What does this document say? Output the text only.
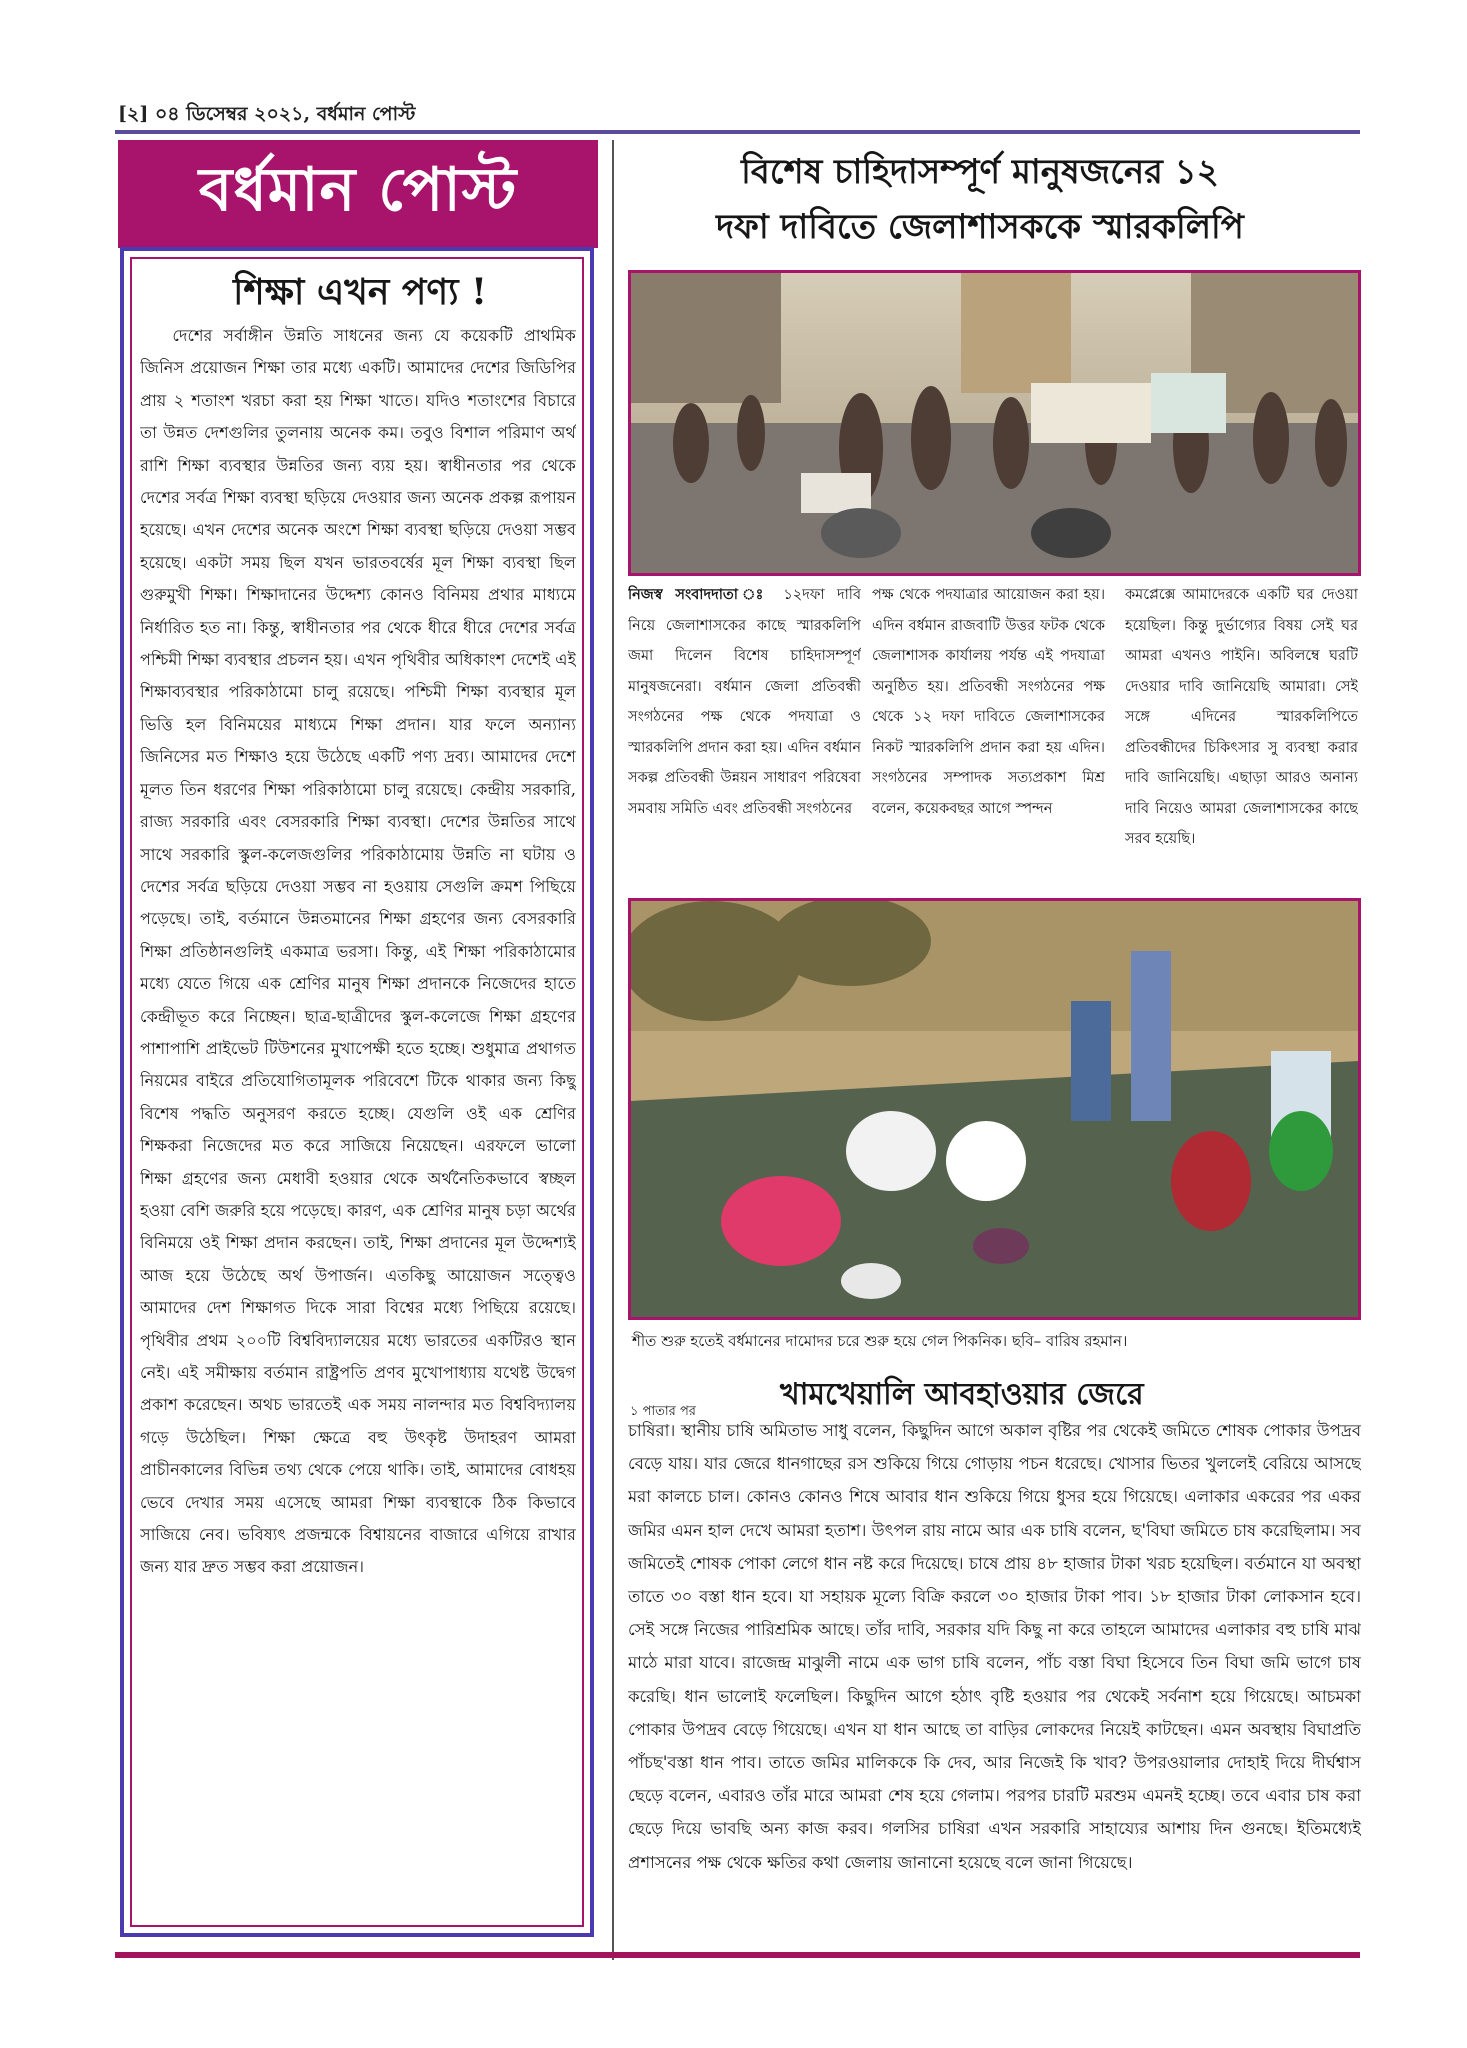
[২] ০৪ ডিসেম্বর ২০২১, বর্ধমান পোস্ট
বর্ধমান পোস্ট
শিক্ষা এখন পণ্য !
দেশের সর্বাঙ্গীন উন্নতি সাধনের জন্য যে কয়েকটি প্রাথমিক জিনিস প্রয়োজন শিক্ষা তার মধ্যে একটি। আমাদের দেশের জিডিপির প্রায় ২ শতাংশ খরচা করা হয় শিক্ষা খাতে। যদিও শতাংশের বিচারে তা উন্নত দেশগুলির তুলনায় অনেক কম। তবুও বিশাল পরিমাণ অর্থ রাশি শিক্ষা ব্যবস্থার উন্নতির জন্য ব্যয় হয়। স্বাধীনতার পর থেকে দেশের সর্বত্র শিক্ষা ব্যবস্থা ছড়িয়ে দেওয়ার জন্য অনেক প্রকল্প রূপায়ন হয়েছে। এখন দেশের অনেক অংশে শিক্ষা ব্যবস্থা ছড়িয়ে দেওয়া সম্ভব হয়েছে। একটা সময় ছিল যখন ভারতবর্ষের মূল শিক্ষা ব্যবস্থা ছিল গুরুমুখী শিক্ষা। শিক্ষাদানের উদ্দেশ্য কোনও বিনিময় প্রথার মাধ্যমে নির্ধারিত হত না। কিন্তু, স্বাধীনতার পর থেকে ধীরে ধীরে দেশের সর্বত্র পশ্চিমী শিক্ষা ব্যবস্থার প্রচলন হয়। এখন পৃথিবীর অধিকাংশ দেশেই এই শিক্ষাব্যবস্থার পরিকাঠামো চালু রয়েছে। পশ্চিমী শিক্ষা ব্যবস্থার মূল ভিত্তি হল বিনিময়ের মাধ্যমে শিক্ষা প্রদান। যার ফলে অন্যান্য জিনিসের মত শিক্ষাও হয়ে উঠেছে একটি পণ্য দ্রব্য। আমাদের দেশে মূলত তিন ধরণের শিক্ষা পরিকাঠামো চালু রয়েছে। কেন্দ্রীয় সরকারি, রাজ্য সরকারি এবং বেসরকারি শিক্ষা ব্যবস্থা। দেশের উন্নতির সাথে সাথে সরকারি স্কুল-কলেজগুলির পরিকাঠামোয় উন্নতি না ঘটায় ও দেশের সর্বত্র ছড়িয়ে দেওয়া সম্ভব না হওয়ায় সেগুলি ক্রমশ পিছিয়ে পড়েছে। তাই, বর্তমানে উন্নতমানের শিক্ষা গ্রহণের জন্য বেসরকারি শিক্ষা প্রতিষ্ঠানগুলিই একমাত্র ভরসা। কিন্তু, এই শিক্ষা পরিকাঠামোর মধ্যে যেতে গিয়ে এক শ্রেণির মানুষ শিক্ষা প্রদানকে নিজেদের হাতে কেন্দ্রীভূত করে নিচ্ছেন। ছাত্র-ছাত্রীদের স্কুল-কলেজে শিক্ষা গ্রহণের পাশাপাশি প্রাইভেট টিউশনের মুখাপেক্ষী হতে হচ্ছে। শুধুমাত্র প্রথাগত নিয়মের বাইরে প্রতিযোগিতামূলক পরিবেশে টিকে থাকার জন্য কিছু বিশেষ পদ্ধতি অনুসরণ করতে হচ্ছে। যেগুলি ওই এক শ্রেণির শিক্ষকরা নিজেদের মত করে সাজিয়ে নিয়েছেন। এরফলে ভালো শিক্ষা গ্রহণের জন্য মেধাবী হওয়ার থেকে অর্থনৈতিকভাবে স্বচ্ছল হওয়া বেশি জরুরি হয়ে পড়েছে। কারণ, এক শ্রেণির মানুষ চড়া অর্থের বিনিময়ে ওই শিক্ষা প্রদান করছেন। তাই, শিক্ষা প্রদানের মূল উদ্দেশ্যই আজ হয়ে উঠেছে অর্থ উপার্জন। এতকিছু আয়োজন সত্ত্বেও আমাদের দেশ শিক্ষাগত দিকে সারা বিশ্বের মধ্যে পিছিয়ে রয়েছে। পৃথিবীর প্রথম ২০০টি বিশ্ববিদ্যালয়ের মধ্যে ভারতের একটিরও স্থান নেই। এই সমীক্ষায় বর্তমান রাষ্ট্রপতি প্রণব মুখোপাধ্যায় যথেষ্ট উদ্বেগ প্রকাশ করেছেন। অথচ ভারতেই এক সময় নালন্দার মত বিশ্ববিদ্যালয় গড়ে উঠেছিল। শিক্ষা ক্ষেত্রে বহু উৎকৃষ্ট উদাহরণ আমরা প্রাচীনকালের বিভিন্ন তথ্য থেকে পেয়ে থাকি। তাই, আমাদের বোধহয় ভেবে দেখার সময় এসেছে আমরা শিক্ষা ব্যবস্থাকে ঠিক কিভাবে সাজিয়ে নেব। ভবিষ্যৎ প্রজন্মকে বিশ্বায়নের বাজারে এগিয়ে রাখার জন্য যার দ্রুত সম্ভব করা প্রয়োজন।
বিশেষ চাহিদাসম্পূর্ণ মানুষজনের ১২
দফা দাবিতে জেলাশাসককে স্মারকলিপি
নিজস্ব সংবাদদাতা ঃ ১২দফা দাবি নিয়ে জেলাশাসকের কাছে স্মারকলিপি জমা দিলেন বিশেষ চাহিদাসম্পূর্ণ মানুষজনেরা। বর্ধমান জেলা প্রতিবন্ধী সংগঠনের পক্ষ থেকে পদযাত্রা ও স্মারকলিপি প্রদান করা হয়। এদিন বর্ধমান সকল্প প্রতিবন্ধী উন্নয়ন সাধারণ পরিষেবা সমবায় সমিতি এবং প্রতিবন্ধী সংগঠনের
পক্ষ থেকে পদযাত্রার আয়োজন করা হয়। এদিন বর্ধমান রাজবাটি উত্তর ফটক থেকে জেলাশাসক কার্যালয় পর্যন্ত এই পদযাত্রা অনুষ্ঠিত হয়। প্রতিবন্ধী সংগঠনের পক্ষ থেকে ১২ দফা দাবিতে জেলাশাসকের নিকট স্মারকলিপি প্রদান করা হয় এদিন। সংগঠনের সম্পাদক সত্যপ্রকাশ মিশ্র বলেন, কয়েকবছর আগে স্পন্দন
কমপ্লেক্সে আমাদেরকে একটি ঘর দেওয়া হয়েছিল। কিন্তু দুর্ভাগ্যের বিষয় সেই ঘর আমরা এখনও পাইনি। অবিলম্বে ঘরটি দেওয়ার দাবি জানিয়েছি আমারা। সেই সঙ্গে এদিনের স্মারকলিপিতে প্রতিবন্ধীদের চিকিৎসার সু ব্যবস্থা করার দাবি জানিয়েছি। এছাড়া আরও অনান্য দাবি নিয়েও আমরা জেলাশাসকের কাছে সরব হয়েছি।
শীত শুরু হতেই বর্ধমানের দামোদর চরে শুরু হয়ে গেল পিকনিক। ছবি– বারিষ রহমান।
১ পাতার পর	খামখেয়ালি আবহাওয়ার জেরে
চাষিরা। স্থানীয় চাষি অমিতাভ সাধু বলেন, কিছুদিন আগে অকাল বৃষ্টির পর থেকেই জমিতে শোষক পোকার উপদ্রব বেড়ে যায়। যার জেরে ধানগাছের রস শুকিয়ে গিয়ে গোড়ায় পচন ধরেছে। খোসার ভিতর খুললেই বেরিয়ে আসছে মরা কালচে চাল। কোনও কোনও শিষে আবার ধান শুকিয়ে গিয়ে ধুসর হয়ে গিয়েছে। এলাকার একরের পর একর জমির এমন হাল দেখে আমরা হতাশ। উৎপল রায় নামে আর এক চাষি বলেন, ছ'বিঘা জমিতে চাষ করেছিলাম। সব জমিতেই শোষক পোকা লেগে ধান নষ্ট করে দিয়েছে। চাষে প্রায় ৪৮ হাজার টাকা খরচ হয়েছিল। বর্তমানে যা অবস্থা তাতে ৩০ বস্তা ধান হবে। যা সহায়ক মূল্যে বিক্রি করলে ৩০ হাজার টাকা পাব। ১৮ হাজার টাকা লোকসান হবে। সেই সঙ্গে নিজের পারিশ্রমিক আছে। তাঁর দাবি, সরকার যদি কিছু না করে তাহলে আমাদের এলাকার বহু চাষি মাঝ মাঠে মারা যাবে। রাজেন্দ্র মাঝুলী নামে এক ভাগ চাষি বলেন, পাঁচ বস্তা বিঘা হিসেবে তিন বিঘা জমি ভাগে চাষ করেছি। ধান ভালোই ফলেছিল। কিছুদিন আগে হঠাৎ বৃষ্টি হওয়ার পর থেকেই সর্বনাশ হয়ে গিয়েছে। আচমকা পোকার উপদ্রব বেড়ে গিয়েছে। এখন যা ধান আছে তা বাড়ির লোকদের নিয়েই কাটছেন। এমন অবস্থায় বিঘাপ্রতি পাঁচছ'বস্তা ধান পাব। তাতে জমির মালিককে কি দেব, আর নিজেই কি খাব? উপরওয়ালার দোহাই দিয়ে দীর্ঘশ্বাস ছেড়ে বলেন, এবারও তাঁর মারে আমরা শেষ হয়ে গেলাম। পরপর চারটি মরশুম এমনই হচ্ছে। তবে এবার চাষ করা ছেড়ে দিয়ে ভাবছি অন্য কাজ করব। গলসির চাষিরা এখন সরকারি সাহায্যের আশায় দিন গুনছে। ইতিমধ্যেই প্রশাসনের পক্ষ থেকে ক্ষতির কথা জেলায় জানানো হয়েছে বলে জানা গিয়েছে।
